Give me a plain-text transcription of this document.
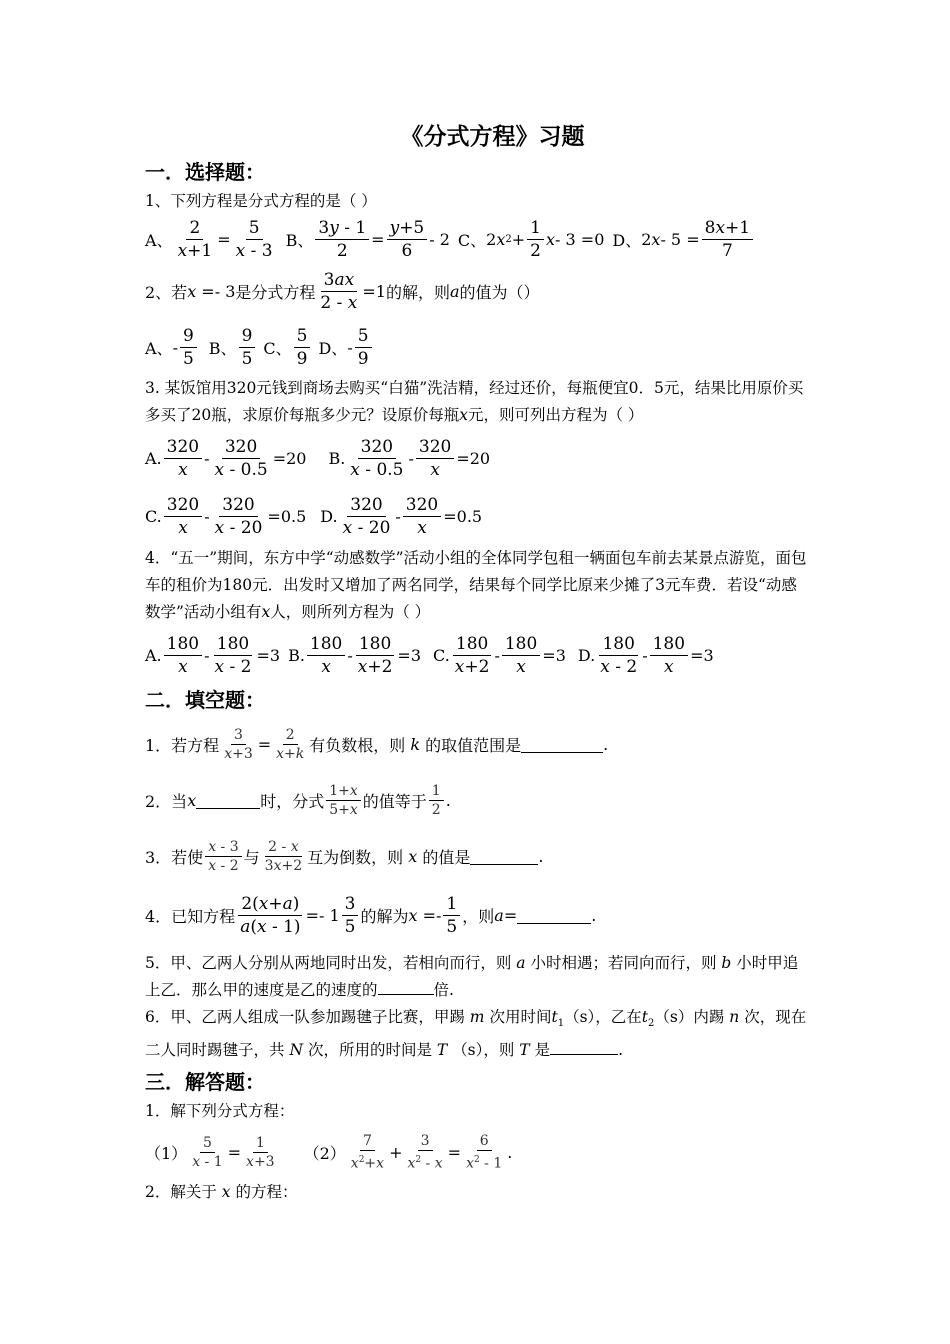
《分式方程》习题
一．选择题：
1、下列方程是分式方程的是（ ）
A、
2
x+1
=
5
x - 3
B、
3y - 1
2
=
y+5
6
- 2 C、 2 x 2 +
1
2
x - 3 =0 D、 2 x - 5 =
8x+1
7
2、若 x =- 3 是分式方程
3ax
2 - x
=1 的解，则 a 的值为（）
A、 -
9
5
B、
9
5
C、
5
9
D、 -
5
9
3. 某饭馆用320元钱到商场去购买“白猫”洗洁精，经过还价，每瓶便宜0．5元，结果比用原价买多买了20瓶，求原价每瓶多少元？设原价每瓶x元，则可列出方程为（ ）
A.
320
x
-
320
x - 0.5
=20 B.
320
x - 0.5
-
320
x
=20
C.
320
x
-
320
x - 20
=0.5 D.
320
x - 20
-
320
x
=0.5
4．“五一”期间，东方中学“动感数学”活动小组的全体同学包租一辆面包车前去某景点游览，面包车的租价为180元．出发时又增加了两名同学，结果每个同学比原来少摊了3元车费．若设“动感数学”活动小组有x人，则所列方程为（ ）
A.
180
x
-
180
x - 2
=3 B.
180
x
-
180
x+2
=3 C.
180
x+2
-
180
x
=3 D.
180
x - 2
-
180
x
=3
二．填空题：
1．若方程
3
x+3 = 2
x+k 有负数根，则 k 的取值范围是	.
2．当 x	时，分式
1+x
5+x 的值等于
1
2 .
3．若使
x - 3
x - 2 与
2 - x
3x+2 互为倒数，则 x 的值是	.
4．已知方程
2(x+a)
a(x - 1)
=- 1
3
5
的解为 x =-
1
5
，则 a =	.
5．甲、乙两人分别从两地同时出发，若相向而行，则 a 小时相遇；若同向而行，则 b 小时甲追上乙．那么甲的速度是乙的速度的	倍.
6．甲、乙两人组成一队参加踢毽子比赛，甲踢 m 次用时间$t_1(s)$，乙在$t_2(s)$内踢 n 次，现在二人同时踢毽子，共 N 次，所用的时间是 T （s），则 T 是	.
三．解答题：
1．解下列分式方程：
（1）
5
x - 1 = 1
x+3 （2）
7
$x^2+x$
+
3
$x^2$ - x
=
6
$x^2 - 1$
.
2．解关于 x 的方程：
